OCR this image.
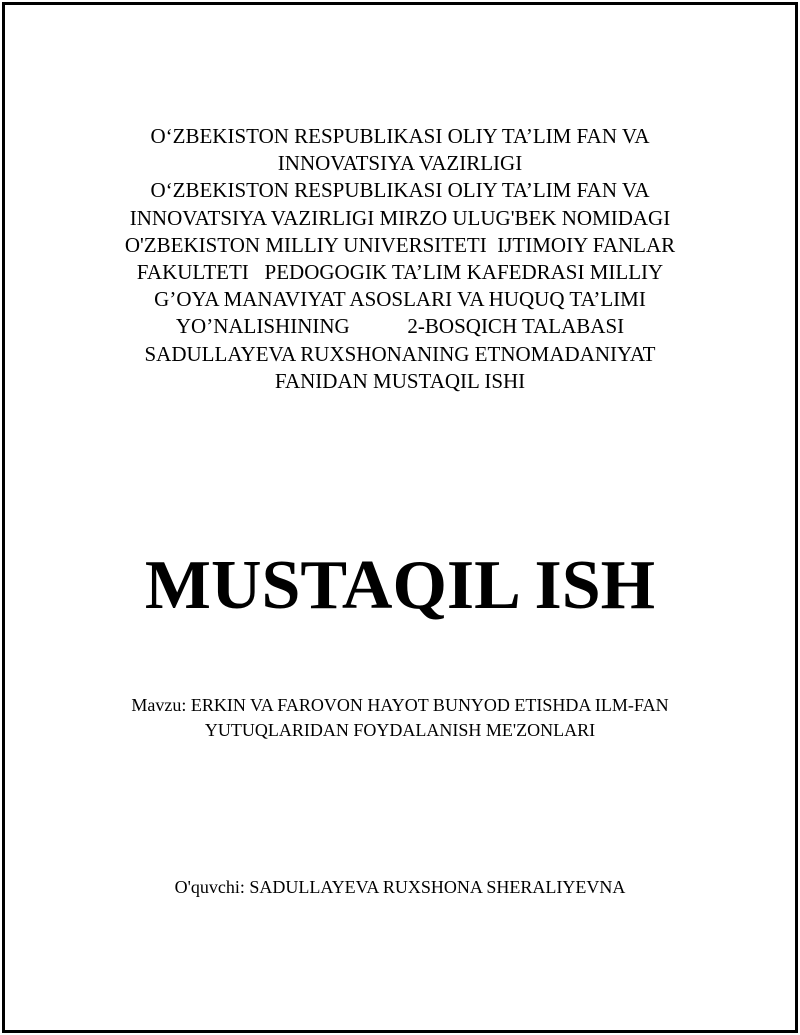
O‘ZBEKISTON RESPUBLIKASI OLIY TA’LIM FAN VA
INNOVATSIYA VAZIRLIGI
O‘ZBEKISTON RESPUBLIKASI OLIY TA’LIM FAN VA
INNOVATSIYA VAZIRLIGI MIRZO ULUG'BEK NOMIDAGI
O'ZBEKISTON MILLIY UNIVERSITETI  IJTIMOIY FANLAR
FAKULTETI   PEDOGOGIK TA’LIM KAFEDRASI MILLIY
G’OYA MANAVIYAT ASOSLARI VA HUQUQ TA’LIMI
YO’NALISHINING           2-BOSQICH TALABASI
SADULLAYEVA RUXSHONANING ETNOMADANIYAT
FANIDAN MUSTAQIL ISHI
MUSTAQIL ISH
Mavzu: ERKIN VA FAROVON HAYOT BUNYOD ETISHDA ILM-FAN
YUTUQLARIDAN FOYDALANISH ME'ZONLARI
O'quvchi: SADULLAYEVA RUXSHONA SHERALIYEVNA
